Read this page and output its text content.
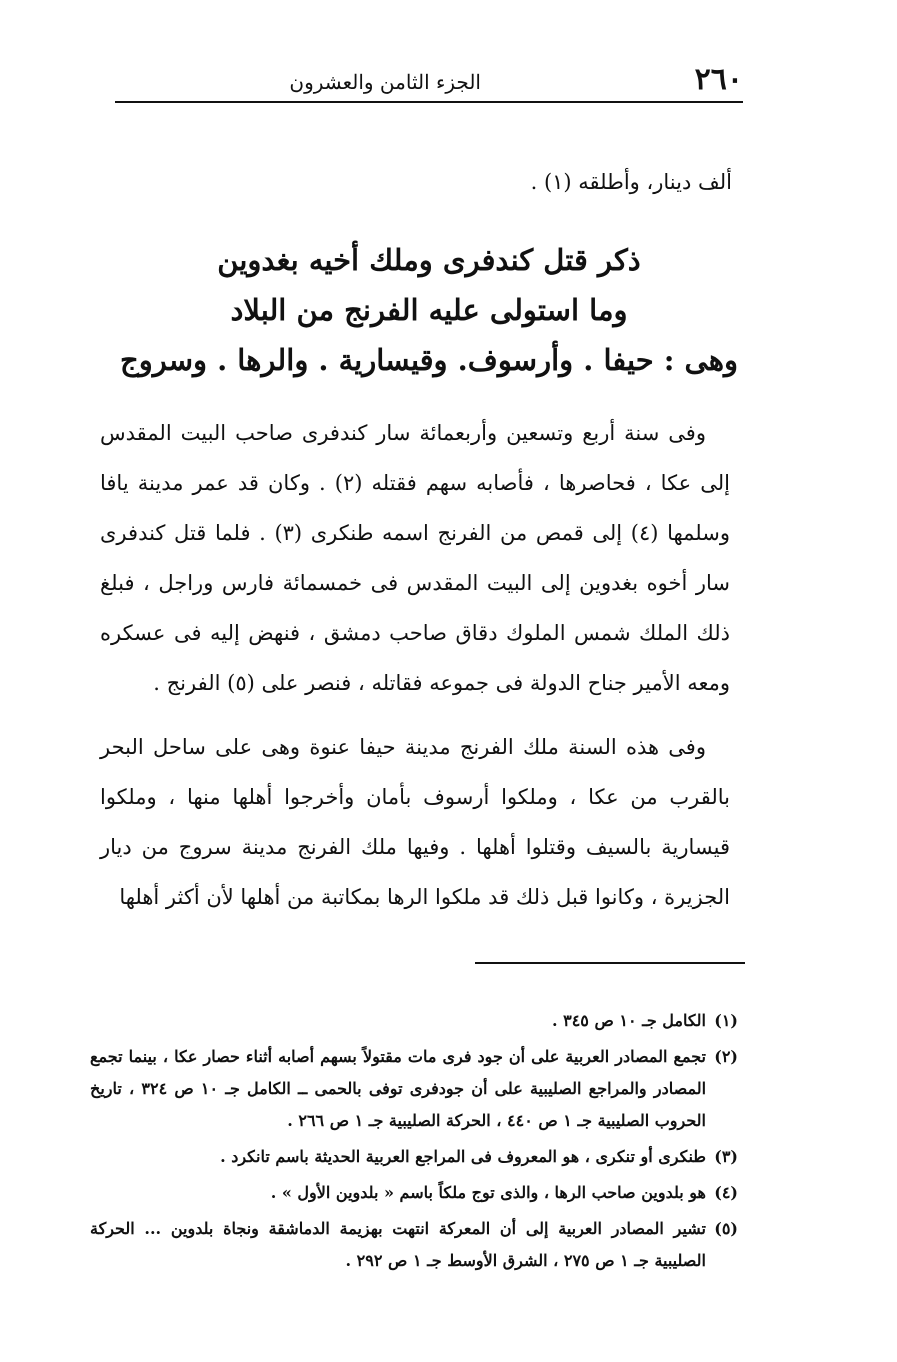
٢٦٠
الجزء الثامن والعشرون
ألف دينار، وأطلقه (١) .
ذكر قتل كندفرى وملك أخيه بغدوين
وما استولى عليه الفرنج من البلاد
وهى : حيفا . وأرسوف. وقيسارية . والرها . وسروج

وفى سنة أربع وتسعين وأربعمائة سار كندفرى صاحب البيت المقدس إلى عكا ، فحاصرها ، فأصابه سهم فقتله (٢) . وكان قد عمر مدينة يافا وسلمها (٤) إلى قمص من الفرنج اسمه طنكرى (٣) . فلما قتل كندفرى سار أخوه بغدوين إلى البيت المقدس فى خمسمائة فارس وراجل ، فبلغ ذلك الملك شمس الملوك دقاق صاحب دمشق ، فنهض إليه فى عسكره ومعه الأمير جناح الدولة فى جموعه فقاتله ، فنصر على (٥) الفرنج .

وفى هذه السنة ملك الفرنج مدينة حيفا عنوة وهى على ساحل البحر بالقرب من عكا ، وملكوا أرسوف بأمان وأخرجوا أهلها منها ، وملكوا قيسارية بالسيف وقتلوا أهلها . وفيها ملك الفرنج مدينة سروج من ديار الجزيرة ، وكانوا قبل ذلك قد ملكوا الرها بمكاتبة من أهلها لأن أكثر أهلها

(١)
الكامل جـ ١٠ ص ٣٤٥ .
(٢)
تجمع المصادر العربية على أن جود فرى مات مقتولاً بسهم أصابه أثناء حصار عكا ، بينما تجمع المصادر والمراجع الصليبية على أن جودفرى توفى بالحمى ــ الكامل جـ ١٠ ص ٣٢٤ ، تاريخ الحروب الصليبية جـ ١ ص ٤٤٠ ، الحركة الصليبية جـ ١ ص ٢٦٦ .
(٣)
طنكرى أو تنكرى ، هو المعروف فى المراجع العربية الحديثة باسم تانكرد .
(٤)
هو بلدوين صاحب الرها ، والذى توج ملكاً باسم « بلدوين الأول » .
(٥)
تشير المصادر العربية إلى أن المعركة انتهت بهزيمة الدماشقة ونجاة بلدوين ... الحركة الصليبية جـ ١ ص ٢٧٥ ، الشرق الأوسط جـ ١ ص ٢٩٢ .
